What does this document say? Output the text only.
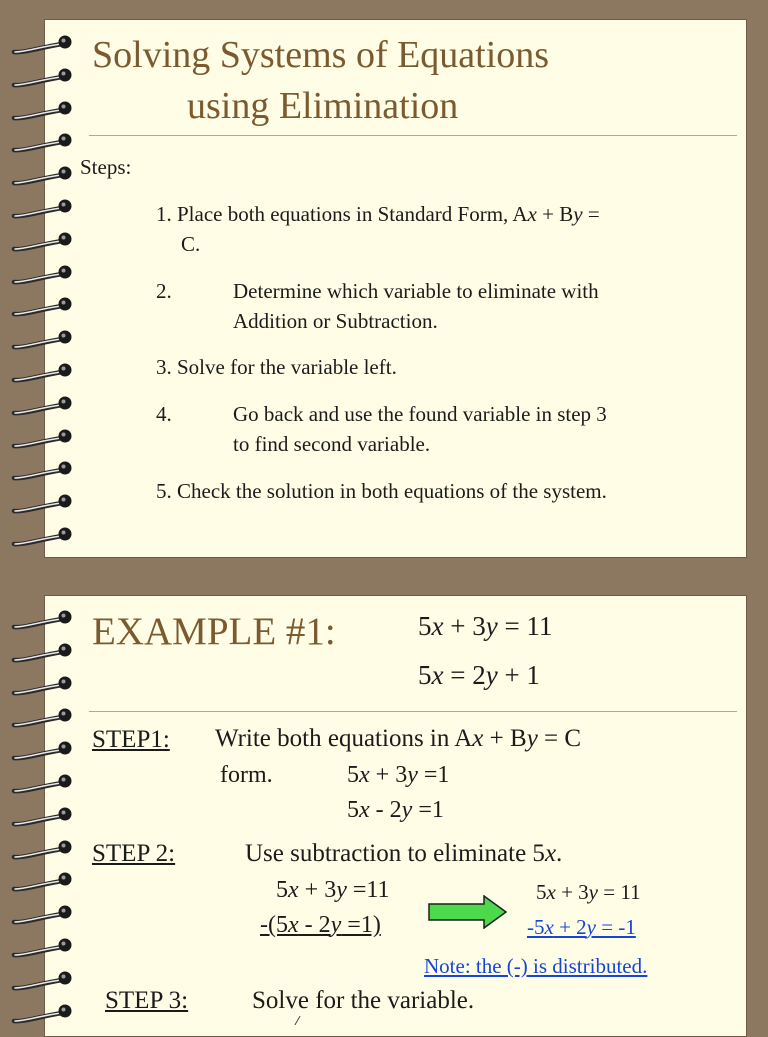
Solving Systems of Equations
using Elimination
Steps:
1. Place both equations in Standard Form, Ax + By =
C.
2.	Determine which variable to eliminate with
Addition or Subtraction.
3. Solve for the variable left.
4.	Go back and use the found variable in step 3
to find second variable.
5. Check the solution in both equations of the system.
EXAMPLE #1:	5x + 3y = 11
5x = 2y + 1
STEP1: Write both equations in Ax + By = C
form.	5x + 3y =1
5x - 2y =1
STEP 2:	Use subtraction to eliminate 5x.
5x + 3y =11
-(5x - 2y =1)
5x + 3y = 11
-5x + 2y = -1
Note: the (-) is distributed.
STEP 3:	Solve for the variable.
